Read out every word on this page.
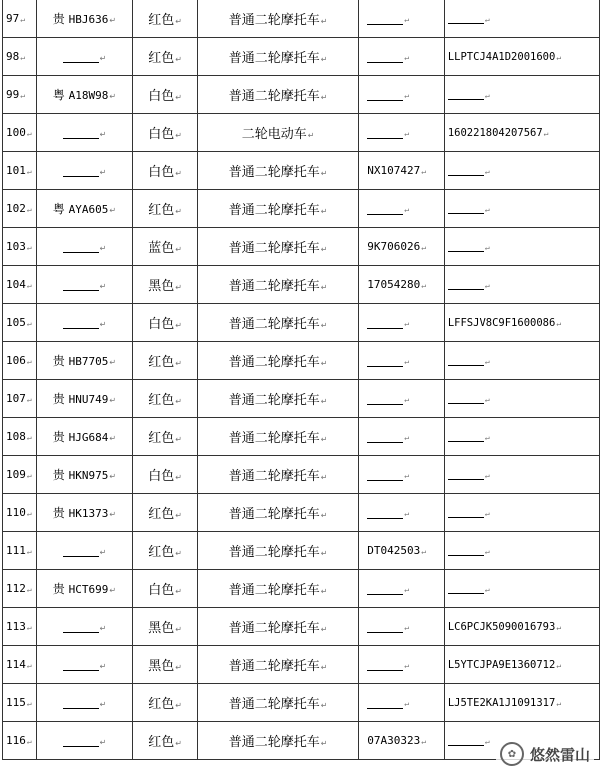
97↵	贵 HBJ636↵	红色↵	普通二轮摩托车↵	↵	↵
98↵	↵	红色↵	普通二轮摩托车↵	↵	LLPTCJ4A1D2001600↵
99↵	粤 A18W98↵	白色↵	普通二轮摩托车↵	↵	↵
100↵	↵	白色↵	二轮电动车↵	↵	160221804207567↵
101↵	↵	白色↵	普通二轮摩托车↵	NX107427↵	↵
102↵	粤 AYA605↵	红色↵	普通二轮摩托车↵	↵	↵
103↵	↵	蓝色↵	普通二轮摩托车↵	9K706026↵	↵
104↵	↵	黑色↵	普通二轮摩托车↵	17054280↵	↵
105↵	↵	白色↵	普通二轮摩托车↵	↵	LFFSJV8C9F1600086↵
106↵	贵 HB7705↵	红色↵	普通二轮摩托车↵	↵	↵
107↵	贵 HNU749↵	红色↵	普通二轮摩托车↵	↵	↵
108↵	贵 HJG684↵	红色↵	普通二轮摩托车↵	↵	↵
109↵	贵 HKN975↵	白色↵	普通二轮摩托车↵	↵	↵
110↵	贵 HK1373↵	红色↵	普通二轮摩托车↵	↵	↵
111↵	↵	红色↵	普通二轮摩托车↵	DT042503↵	↵
112↵	贵 HCT699↵	白色↵	普通二轮摩托车↵	↵	↵
113↵	↵	黑色↵	普通二轮摩托车↵	↵	LC6PCJK5090016793↵
114↵	↵	黑色↵	普通二轮摩托车↵	↵	L5YTCJPA9E1360712↵
115↵	↵	红色↵	普通二轮摩托车↵	↵	LJ5TE2KA1J1091317↵
116↵	↵	红色↵	普通二轮摩托车↵	07A30323↵	↵
✿ 悠然雷山
